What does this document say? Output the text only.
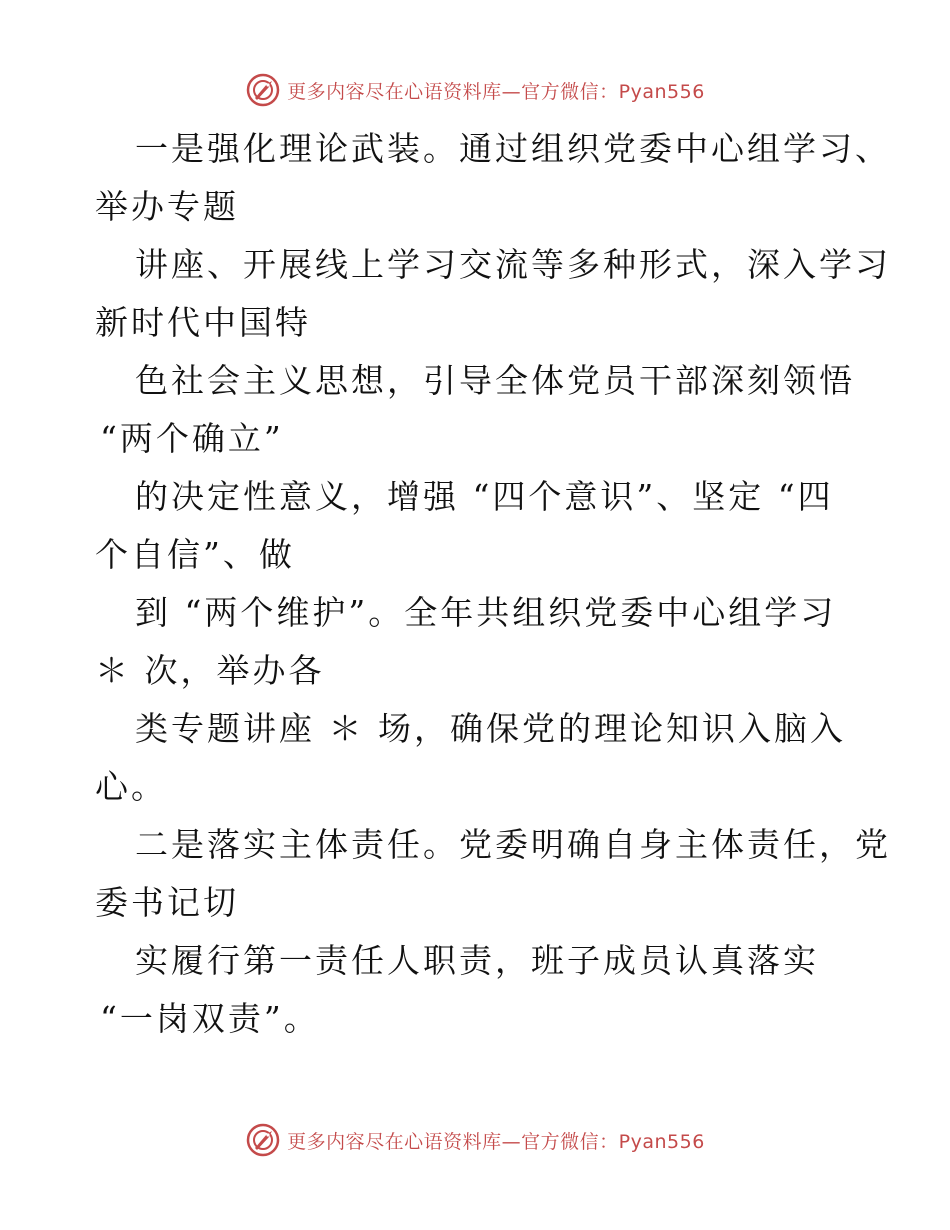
更多内容尽在心语资料库—官方微信：Pyan556
一是强化理论武装。通过组织党委中心组学习、
举办专题
讲座、开展线上学习交流等多种形式，深入学习
新时代中国特
色社会主义思想，引导全体党员干部深刻领悟
“两个确立”
的决定性意义，增强 “四个意识”、坚定 “四
个自信”、做
到 “两个维护”。全年共组织党委中心组学习
＊ 次，举办各
类专题讲座 ＊ 场，确保党的理论知识入脑入
心。
二是落实主体责任。党委明确自身主体责任，党
委书记切
实履行第一责任人职责，班子成员认真落实
“一岗双责”。
更多内容尽在心语资料库—官方微信：Pyan556
